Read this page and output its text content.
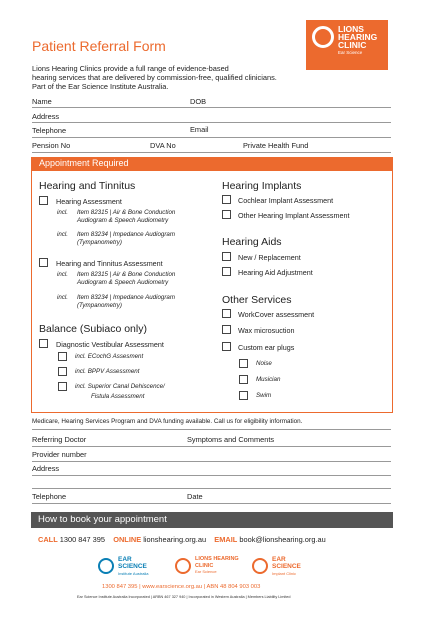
Patient Referral Form
LIONS
HEARING
CLINIC
Ear Science
Lions Hearing Clinics provide a full range of evidence-based
hearing services that are delivered by commission-free, qualified clinicians.
Part of the Ear Science Institute Australia.
Name	DOB
Address
Telephone	Email
Pension No	DVA No	Private Health Fund
Appointment Required
Hearing and Tinnitus
Hearing Assessment
incl. Item 82315 | Air & Bone Conduction
Audiogram & Speech Audiometry
incl. Item 83234 | Impedance Audiogram
(Tympanometry)
Hearing and Tinnitus Assessment
incl. Item 82315 | Air & Bone Conduction
Audiogram & Speech Audiometry
incl. Item 83234 | Impedance Audiogram
(Tympanometry)
Balance (Subiaco only)
Diagnostic Vestibular Assessment
incl. ECochG Assesment
incl. BPPV Assessment
incl. Superior Canal Dehiscence/
Fistula Assessment
Hearing Implants
Cochlear Implant Assessment
Other Hearing Implant Assessment
Hearing Aids
New / Replacement
Hearing Aid Adjustment
Other Services
WorkCover assessment
Wax microsuction
Custom ear plugs
Noise
Musician
Swim
Medicare, Hearing Services Program and DVA funding available. Call us for eligibility information.
Referring Doctor	Symptoms and Comments
Provider number
Address
Telephone	Date
How to book your appointment
CALL 1300 847 395 ONLINE lionshearing.org.au EMAIL book@lionshearing.org.au
EAR
SCIENCE
Institute Australia
LIONS HEARING
CLINIC
Ear Science
EAR
SCIENCE
Implant Clinic
1300 847 395 | www.earscience.org.au | ABN 48 804 903 003
Ear Science Institute Australia Incorporated | ARBN 467 327 940 | Incorporated in Western Australia | Members Liability Limited
